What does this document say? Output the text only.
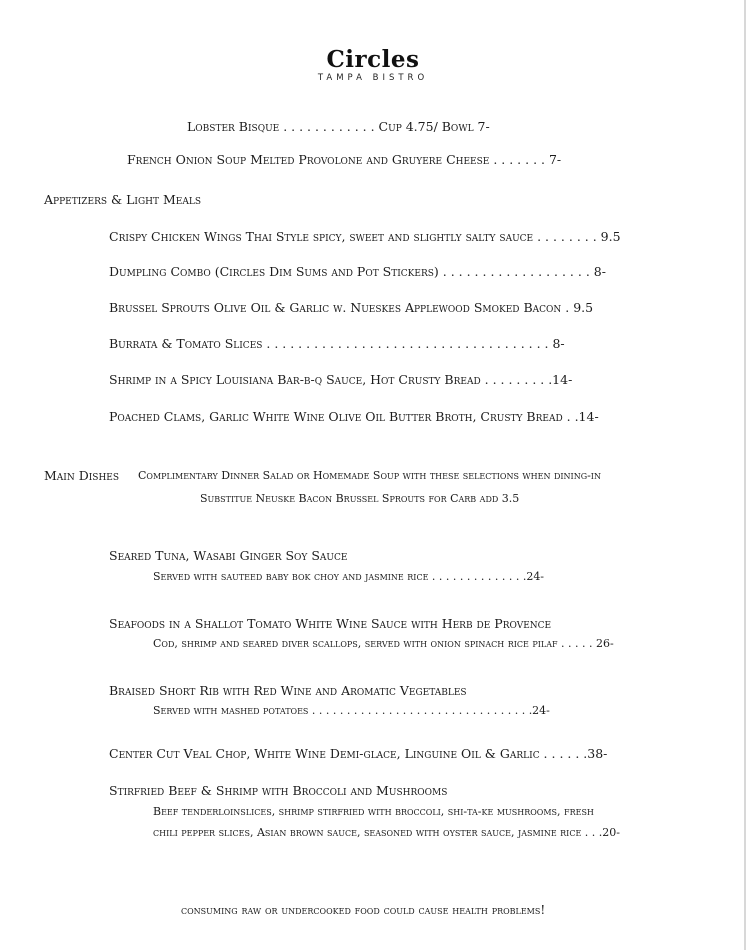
Circles
TAMPA BISTRO
Lobster Bisque . . . . . . . . . . . . Cup 4.75/ Bowl 7-
French Onion Soup Melted Provolone and Gruyere Cheese . . . . . . . 7-
Appetizers & Light Meals
Crispy Chicken Wings Thai Style spicy, sweet and slightly salty sauce . . . . . . . . 9.5
Dumpling Combo (Circles Dim Sums and Pot Stickers) . . . . . . . . . . . . . . . . . . . 8-
Brussel Sprouts Olive Oil & Garlic w. Nueskes Applewood Smoked Bacon . 9.5
Burrata & Tomato Slices . . . . . . . . . . . . . . . . . . . . . . . . . . . . . . . . . . . . 8-
Shrimp in a Spicy Louisiana Bar-b-q Sauce, Hot Crusty Bread . . . . . . . . .14-
Poached Clams, Garlic White Wine Olive Oil Butter Broth, Crusty Bread . .14-
Main Dishes Complimentary Dinner Salad or Homemade Soup with these selections when dining-in
Substitue Neuske Bacon Brussel Sprouts for Carb add 3.5
Seared Tuna, Wasabi Ginger Soy Sauce
Served with sauteed baby bok choy and jasmine rice . . . . . . . . . . . . . .24-
Seafoods in a Shallot Tomato White Wine Sauce with Herb de Provence
Cod, shrimp and seared diver scallops, served with onion spinach rice pilaf . . . . . 26-
Braised Short Rib with Red Wine and Aromatic Vegetables
Served with mashed potatoes . . . . . . . . . . . . . . . . . . . . . . . . . . . . . . . .24-
Center Cut Veal Chop, White Wine Demi-glace, Linguine Oil & Garlic . . . . . .38-
Stirfried Beef & Shrimp with Broccoli and Mushrooms
Beef tenderloinslices, shrimp stirfried with broccoli, shi-ta-ke mushrooms, fresh
chili pepper slices, Asian brown sauce, seasoned with oyster sauce, jasmine rice . . .20-
consuming raw or undercooked food could cause health problems!
